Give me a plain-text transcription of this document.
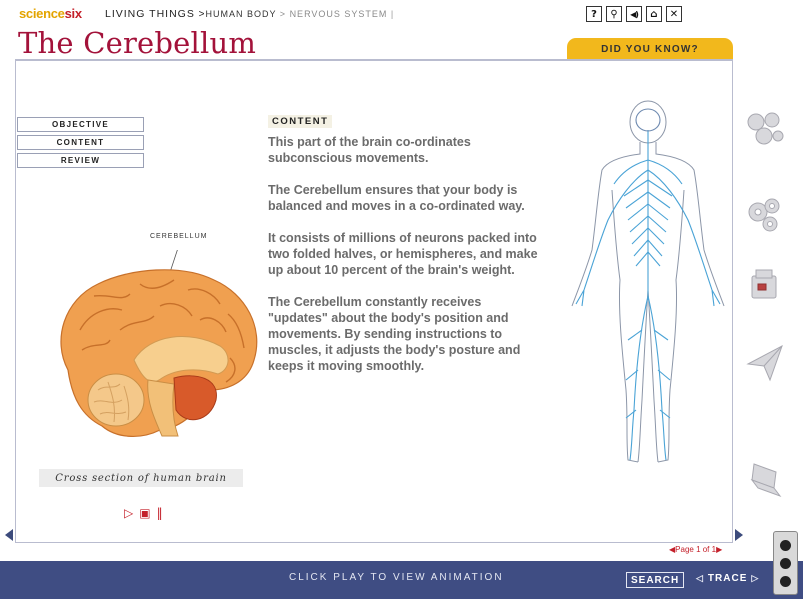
sciencesix LIVING THINGS >HUMAN BODY > NERVOUS SYSTEM |	? ⚲ ◀) ⌂ ✕
The Cerebellum	DID YOU KNOW?
OBJECTIVE
CONTENT
REVIEW
CEREBELLUM
Cross section of human brain
▷ ▣ ‖
CONTENT

This part of the brain co-ordinates subconscious movements.

The Cerebellum ensures that your body is balanced and moves in a co-ordinated way.

It consists of millions of neurons packed into two folded halves, or hemispheres, and make up about 10 percent of the brain's weight.

The Cerebellum constantly receives "updates" about the body's position and movements. By sending instructions to muscles, it adjusts the body's posture and keeps it moving smoothly.

◀Page 1 of 1▶
CLICK PLAY TO VIEW ANIMATION	SEARCH	◁ TRACE ▷
